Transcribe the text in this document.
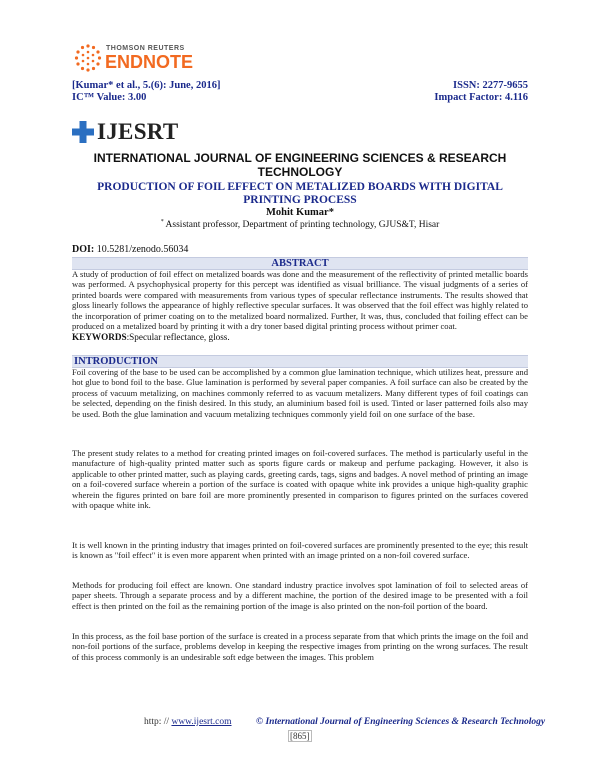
THOMSON REUTERS
ENDNOTE
[Kumar* et al., 5.(6): June, 2016]
IC™ Value: 3.00
ISSN: 2277-9655
Impact Factor: 4.116
IJESRT
INTERNATIONAL JOURNAL OF ENGINEERING SCIENCES & RESEARCH TECHNOLOGY
PRODUCTION OF FOIL EFFECT ON METALIZED BOARDS WITH DIGITAL PRINTING PROCESS
Mohit Kumar*
* Assistant professor, Department of printing technology, GJUS&T, Hisar
DOI: 10.5281/zenodo.56034
ABSTRACT
A study of production of foil effect on metalized boards was done and the measurement of the reflectivity of printed metallic boards was performed. A psychophysical property for this percept was identified as visual brilliance. The visual judgments of a series of printed boards were compared with measurements from various types of specular reflectance instruments. The results showed that gloss linearly follows the appearance of highly reflective specular surfaces. It was observed that the foil effect was highly related to the incorporation of primer coating on to the metalized board normalized. Further, It was, thus, concluded that foiling effect can be produced on a metalized board by printing it with a dry toner based digital printing process without primer coat.
KEYWORDS:Specular reflectance, gloss.
INTRODUCTION
Foil covering of the base to be used can be accomplished by a common glue lamination technique, which utilizes heat, pressure and hot glue to bond foil to the base. Glue lamination is performed by several paper companies. A foil surface can also be created by the process of vacuum metalizing, on machines commonly referred to as vacuum metalizers. Many different types of foil coatings can be selected, depending on the finish desired. In this study, an aluminium based foil is used. Tinted or laser patterned foils also may be used. Both the glue lamination and vacuum metalizing techniques commonly yield foil on one surface of the base.
The present study relates to a method for creating printed images on foil-covered surfaces. The method is particularly useful in the manufacture of high-quality printed matter such as sports figure cards or makeup and perfume packaging. However, it also is applicable to other printed matter, such as playing cards, greeting cards, tags, signs and badges. A novel method of printing an image on a foil-covered surface wherein a portion of the surface is coated with opaque white ink provides a unique high-quality graphic wherein the figures printed on bare foil are more prominently presented in comparison to figures printed on the surfaces covered with opaque white ink.
It is well known in the printing industry that images printed on foil-covered surfaces are prominently presented to the eye; this result is known as "foil effect" it is even more apparent when printed with an image printed on a non-foil covered surface.
Methods for producing foil effect are known. One standard industry practice involves spot lamination of foil to selected areas of paper sheets. Through a separate process and by a different machine, the portion of the desired image to be presented with a foil effect is then printed on the foil as the remaining portion of the image is also printed on the non-foil portion of the board.
In this process, as the foil base portion of the surface is created in a process separate from that which prints the image on the foil and non-foil portions of the surface, problems develop in keeping the respective images from printing on the wrong surfaces. The result of this process commonly is an undesirable soft edge between the images. This problem
http: // www.ijesrt.com	© International Journal of Engineering Sciences & Research Technology
[865]
